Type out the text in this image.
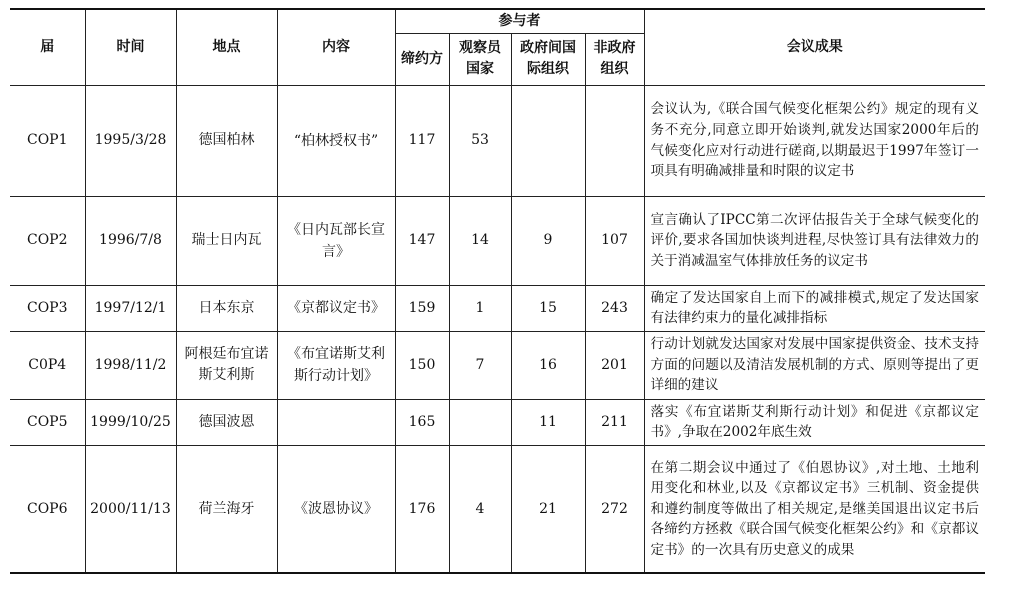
届	时间	地点	内容	参与者				会议成果
				缔约方	观察员国家	政府间国际组织	非政府组织	
COP1	1995/3/28	德国柏林	“柏林授权书”	117	53			会议认为,《联合国气候变化框架公约》规定的现有义务不充分,同意立即开始谈判,就发达国家2000年后的气候变化应对行动进行磋商,以期最迟于1997年签订一项具有明确减排量和时限的议定书
COP2	1996/7/8	瑞士日内瓦	《日内瓦部长宣言》	147	14	9	107	宣言确认了IPCC第二次评估报告关于全球气候变化的评价,要求各国加快谈判进程,尽快签订具有法律效力的关于消减温室气体排放任务的议定书
COP3	1997/12/1	日本东京	《京都议定书》	159	1	15	243	确定了发达国家自上而下的减排模式,规定了发达国家有法律约束力的量化减排指标
C0P4	1998/11/2	阿根廷布宜诺斯艾利斯	《布宜诺斯艾利斯行动计划》	150	7	16	201	行动计划就发达国家对发展中国家提供资金、技术支持方面的问题以及清洁发展机制的方式、原则等提出了更详细的建议
COP5	1999/10/25	德国波恩		165		11	211	落实《布宜诺斯艾利斯行动计划》和促进《京都议定书》,争取在2002年底生效
COP6	2000/11/13	荷兰海牙	《波恩协议》	176	4	21	272	在第二期会议中通过了《伯恩协议》,对土地、土地利用变化和林业,以及《京都议定书》三机制、资金提供和遵约制度等做出了相关规定,是继美国退出议定书后各缔约方拯救《联合国气候变化框架公约》和《京都议定书》的一次具有历史意义的成果
